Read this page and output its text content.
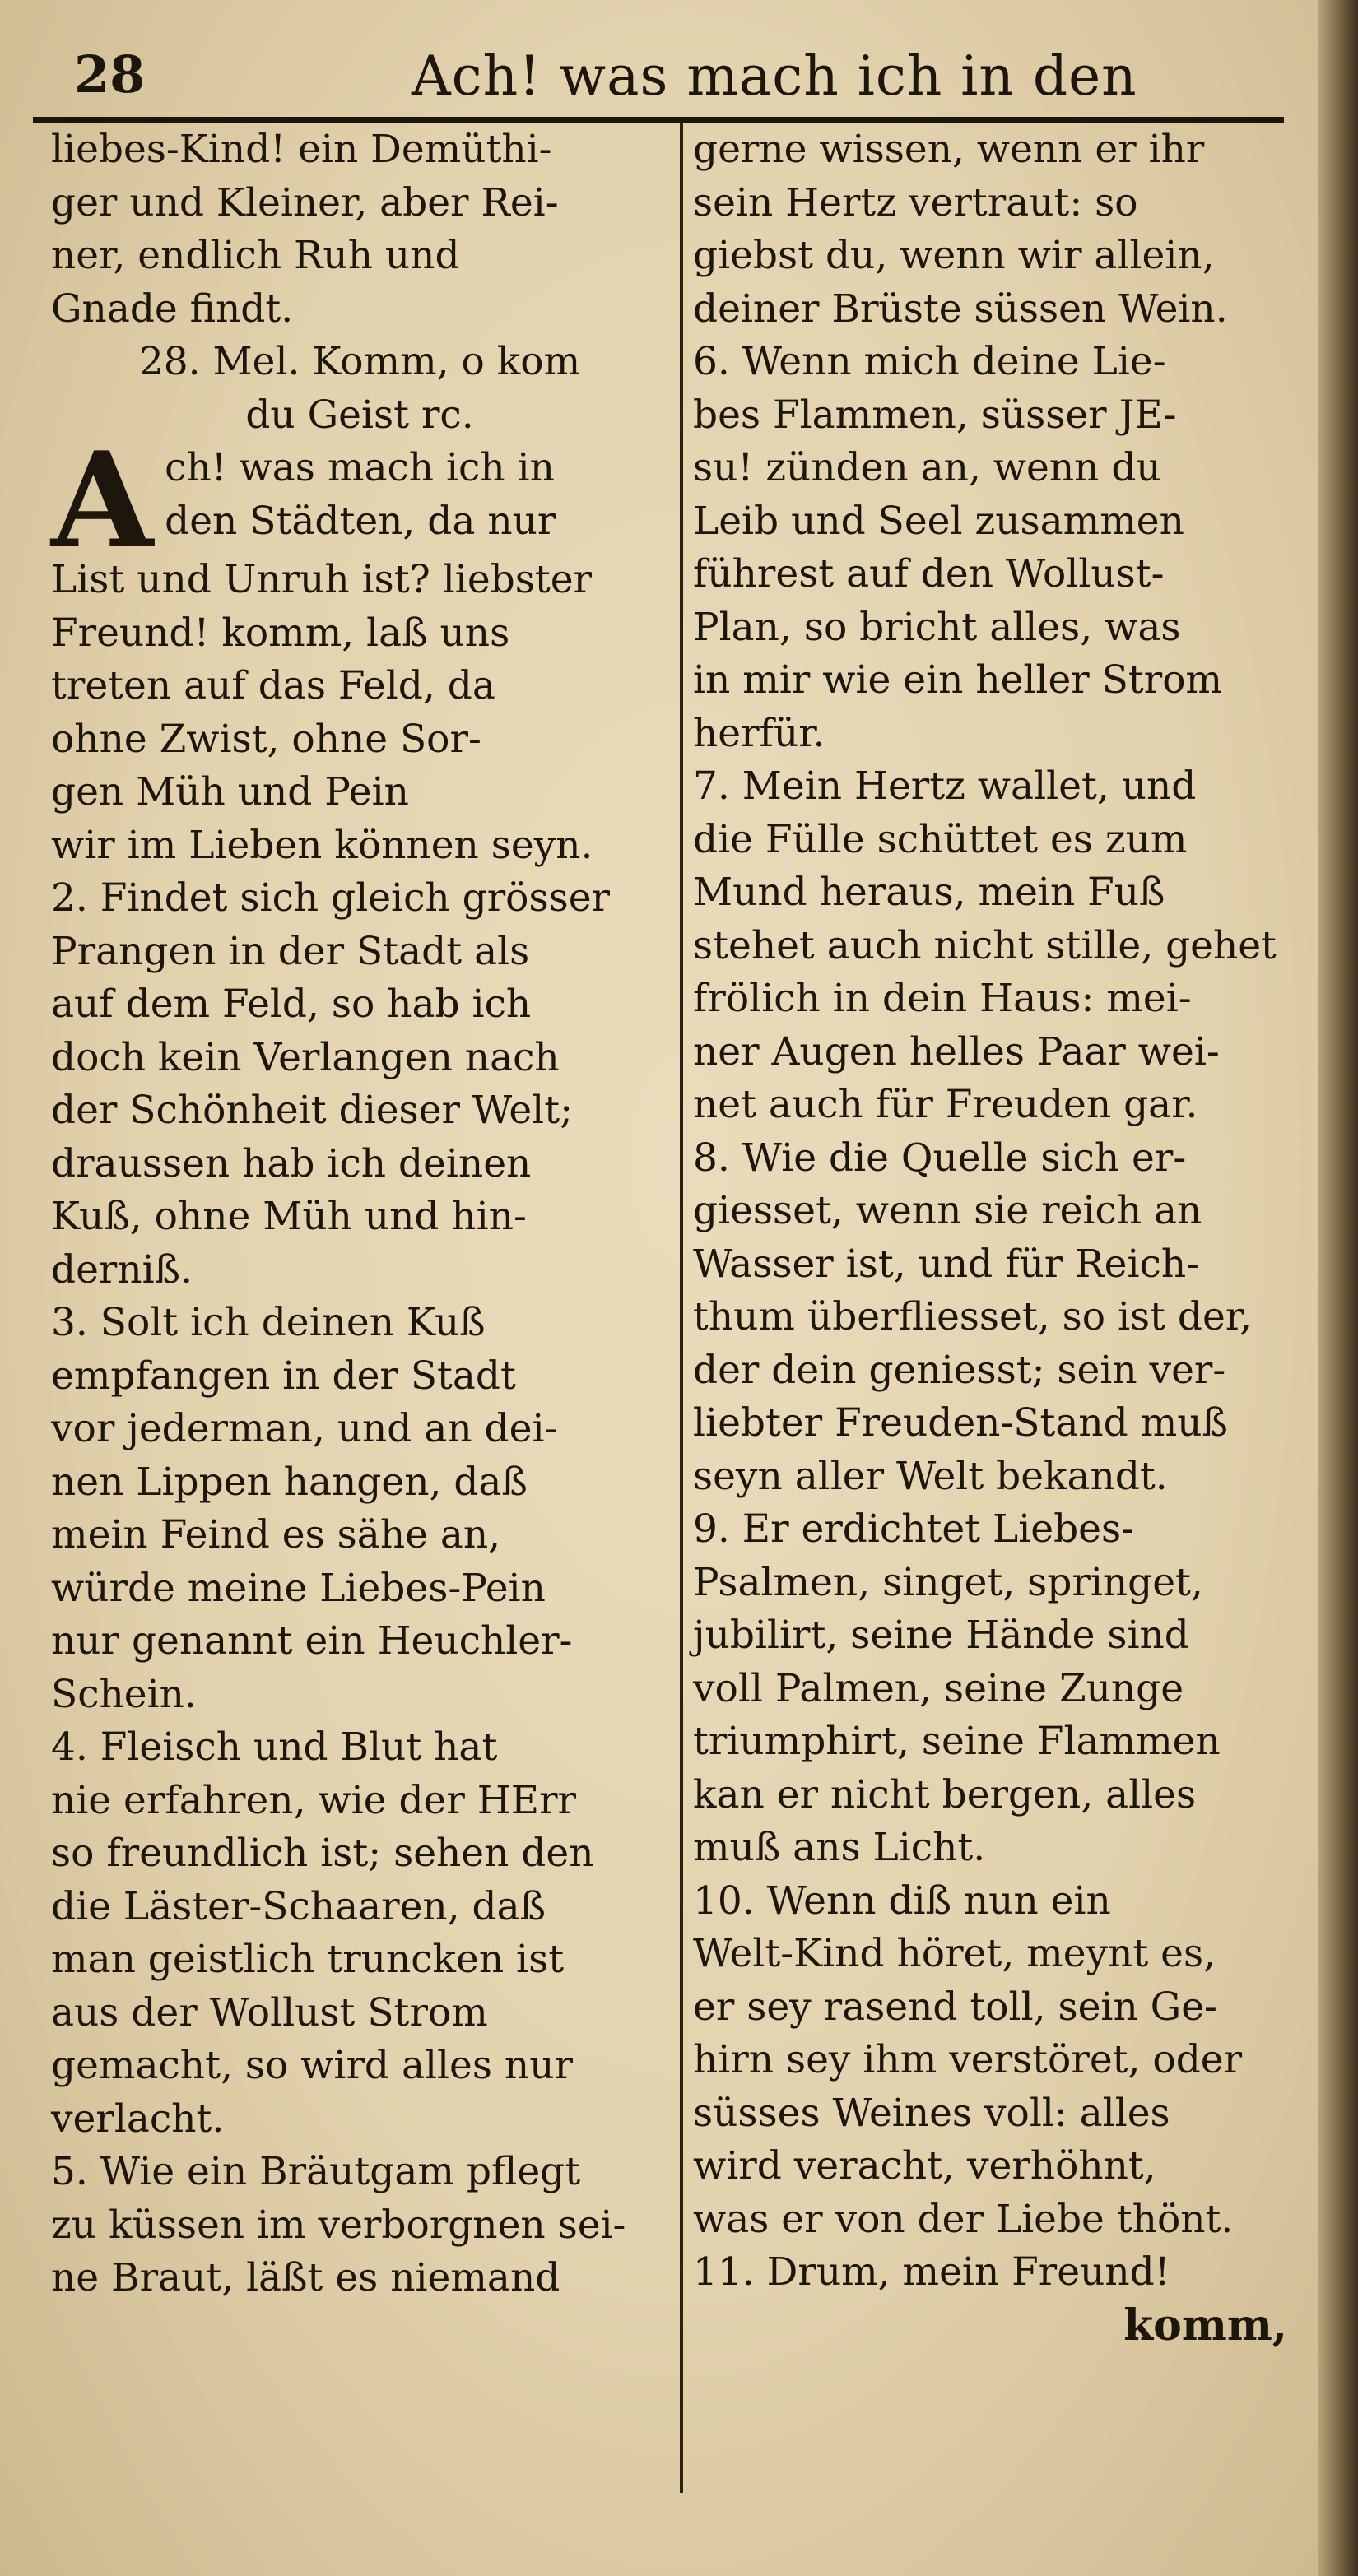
28	Ach! was mach ich in den
liebes-Kind! ein Demüthi-
ger und Kleiner, aber Rei-
ner, endlich Ruh und
Gnade findt.
28. Mel. Komm, o kom
du Geist rc.
A ch! was mach ich in
den Städten, da nur
List und Unruh ist? liebster
Freund! komm, laß uns
treten auf das Feld, da
ohne Zwist, ohne Sor-
gen Müh und Pein
wir im Lieben können seyn.
2. Findet sich gleich grösser
Prangen in der Stadt als
auf dem Feld, so hab ich
doch kein Verlangen nach
der Schönheit dieser Welt;
draussen hab ich deinen
Kuß, ohne Müh und hin-
derniß.
3. Solt ich deinen Kuß
empfangen in der Stadt
vor jederman, und an dei-
nen Lippen hangen, daß
mein Feind es sähe an,
würde meine Liebes-Pein
nur genannt ein Heuchler-
Schein.
4. Fleisch und Blut hat
nie erfahren, wie der HErr
so freundlich ist; sehen den
die Läster-Schaaren, daß
man geistlich truncken ist
aus der Wollust Strom
gemacht, so wird alles nur
verlacht.
5. Wie ein Bräutgam pflegt
zu küssen im verborgnen sei-
ne Braut, läßt es niemand
gerne wissen, wenn er ihr
sein Hertz vertraut: so
giebst du, wenn wir allein,
deiner Brüste süssen Wein.
6. Wenn mich deine Lie-
bes Flammen, süsser JE-
su! zünden an, wenn du
Leib und Seel zusammen
führest auf den Wollust-
Plan, so bricht alles, was
in mir wie ein heller Strom
herfür.
7. Mein Hertz wallet, und
die Fülle schüttet es zum
Mund heraus, mein Fuß
stehet auch nicht stille, gehet
frölich in dein Haus: mei-
ner Augen helles Paar wei-
net auch für Freuden gar.
8. Wie die Quelle sich er-
giesset, wenn sie reich an
Wasser ist, und für Reich-
thum überfliesset, so ist der,
der dein geniesst; sein ver-
liebter Freuden-Stand muß
seyn aller Welt bekandt.
9. Er erdichtet Liebes-
Psalmen, singet, springet,
jubilirt, seine Hände sind
voll Palmen, seine Zunge
triumphirt, seine Flammen
kan er nicht bergen, alles
muß ans Licht.
10. Wenn diß nun ein
Welt-Kind höret, meynt es,
er sey rasend toll, sein Ge-
hirn sey ihm verstöret, oder
süsses Weines voll: alles
wird veracht, verhöhnt,
was er von der Liebe thönt.
11. Drum, mein Freund!
komm,
